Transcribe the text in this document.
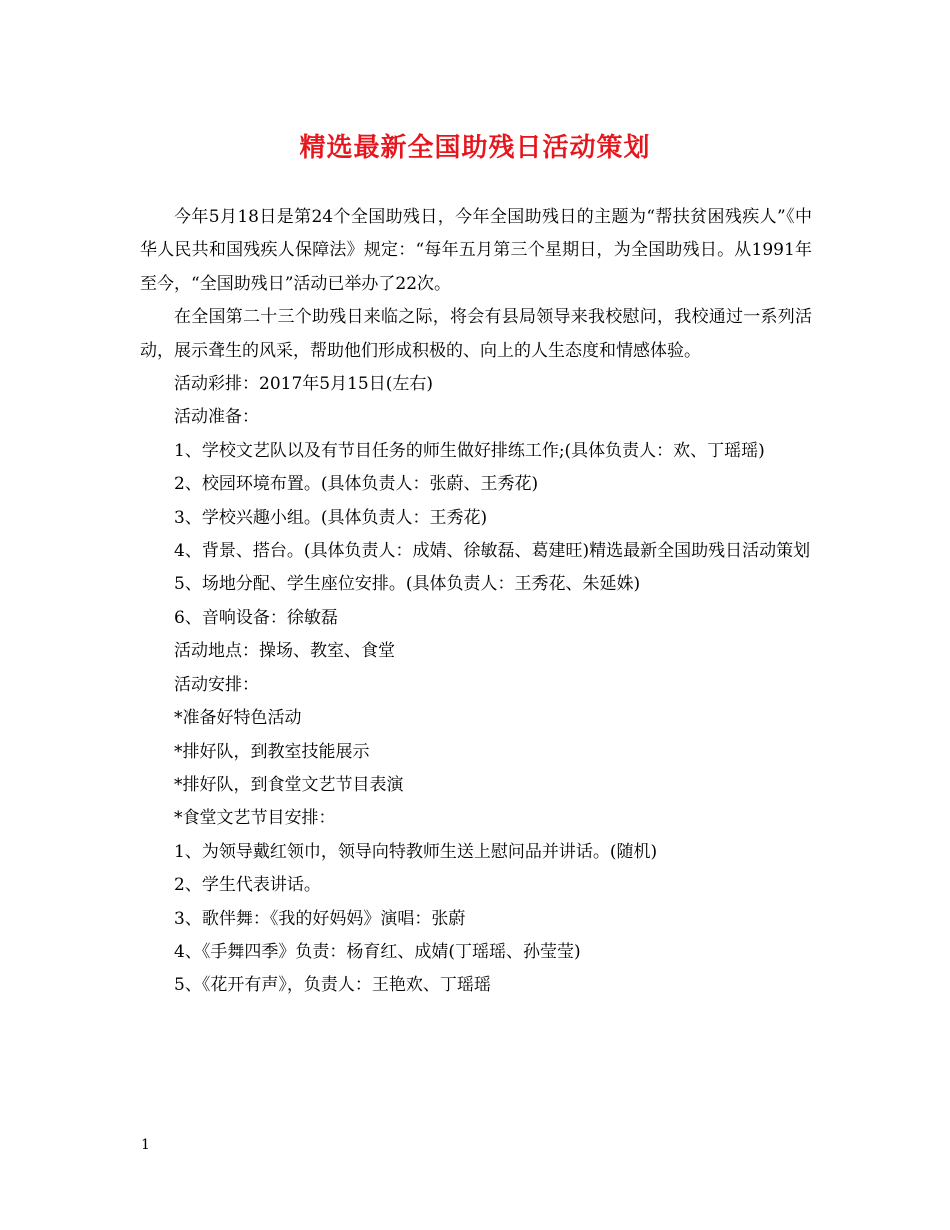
精选最新全国助残日活动策划

今年5月18日是第24个全国助残日，今年全国助残日的主题为“帮扶贫困残疾人”《中华人民共和国残疾人保障法》规定：“每年五月第三个星期日，为全国助残日。从1991年至今，“全国助残日”活动已举办了22次。

在全国第二十三个助残日来临之际，将会有县局领导来我校慰问，我校通过一系列活动，展示聋生的风采，帮助他们形成积极的、向上的人生态度和情感体验。

活动彩排：2017年5月15日(左右)

活动准备：

1、学校文艺队以及有节目任务的师生做好排练工作;(具体负责人：欢、丁瑶瑶)

2、校园环境布置。(具体负责人：张蔚、王秀花)

3、学校兴趣小组。(具体负责人：王秀花)

4、背景、搭台。(具体负责人：成婧、徐敏磊、葛建旺)精选最新全国助残日活动策划

5、场地分配、学生座位安排。(具体负责人：王秀花、朱延姝)

6、音响设备：徐敏磊

活动地点：操场、教室、食堂

活动安排：

*准备好特色活动

*排好队，到教室技能展示

*排好队，到食堂文艺节目表演

*食堂文艺节目安排：

1、为领导戴红领巾，领导向特教师生送上慰问品并讲话。(随机)

2、学生代表讲话。

3、歌伴舞：《我的好妈妈》演唱：张蔚

4、《手舞四季》负责：杨育红、成婧(丁瑶瑶、孙莹莹)

5、《花开有声》，负责人：王艳欢、丁瑶瑶

1
